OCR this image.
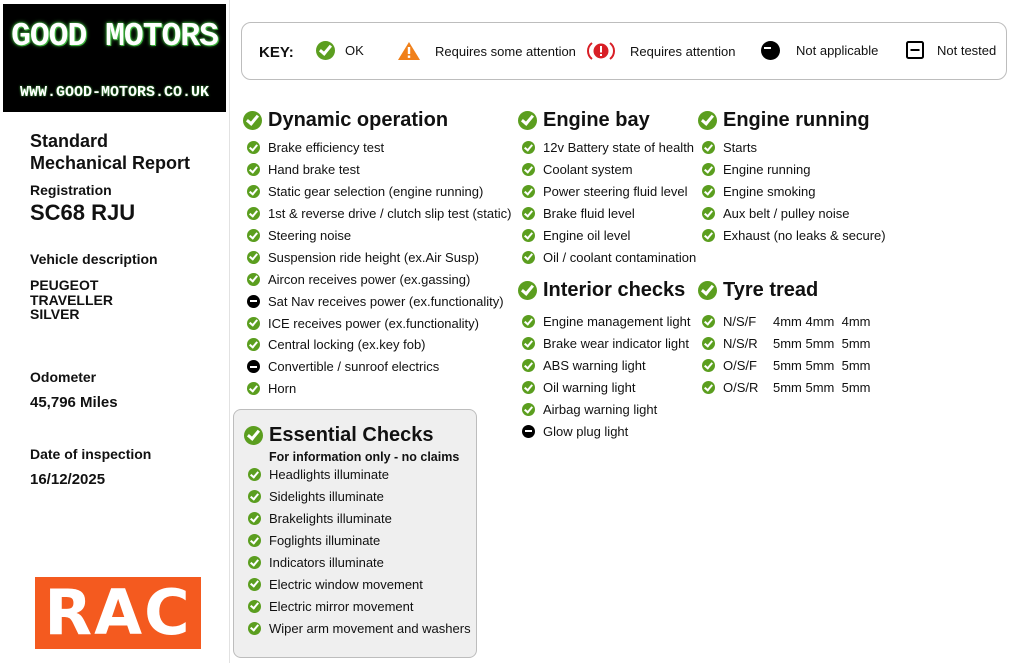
GOOD MOTORS
WWW.GOOD-MOTORS.CO.UK
Standard
Mechanical Report
Registration
SC68 RJU
Vehicle description
PEUGEOT
TRAVELLER
SILVER
Odometer
45,796 Miles
Date of inspection
16/12/2025
RAC
KEY:	OK	Requires some attention	Requires attention	Not applicable	Not tested
Dynamic operation
Brake efficiency test
Hand brake test
Static gear selection (engine running)
1st & reverse drive / clutch slip test (static)
Steering noise
Suspension ride height (ex.Air Susp)
Aircon receives power (ex.gassing)
Sat Nav receives power (ex.functionality)
ICE receives power (ex.functionality)
Central locking (ex.key fob)
Convertible / sunroof electrics
Horn
Essential Checks
For information only - no claims
Headlights illuminate
Sidelights illuminate
Brakelights illuminate
Foglights illuminate
Indicators illuminate
Electric window movement
Electric mirror movement
Wiper arm movement and washers
Engine bay
12v Battery state of health
Coolant system
Power steering fluid level
Brake fluid level
Engine oil level
Oil / coolant contamination
Interior checks
Engine management light
Brake wear indicator light
ABS warning light
Oil warning light
Airbag warning light
Glow plug light
Engine running
Starts
Engine running
Engine smoking
Aux belt / pulley noise
Exhaust (no leaks & secure)
Tyre tread
N/S/F	4mm 4mm  4mm
N/S/R	5mm 5mm  5mm
O/S/F	5mm 5mm  5mm
O/S/R	5mm 5mm  5mm
